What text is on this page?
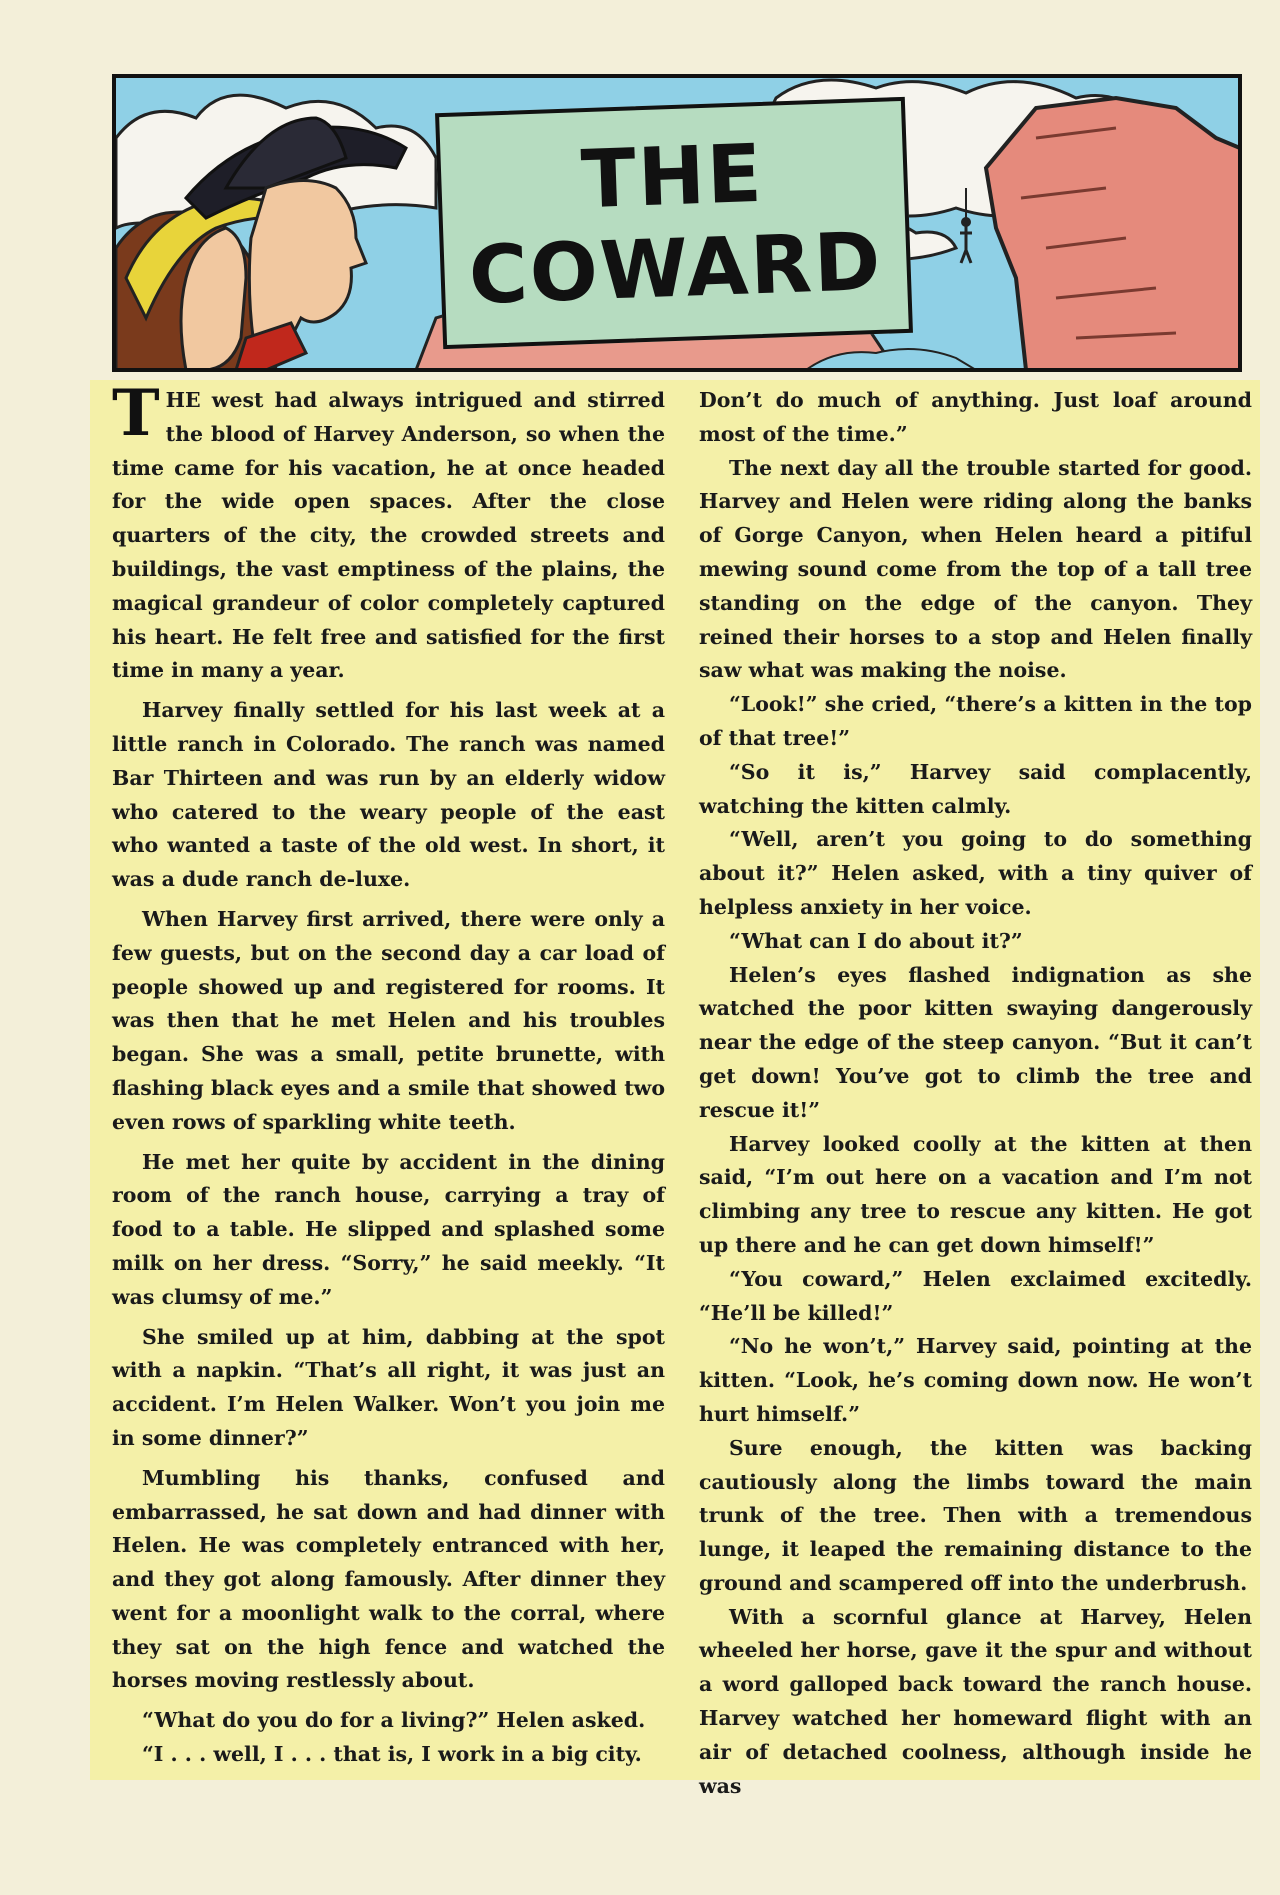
THE
COWARD

THE west had always intrigued and stirred the blood of Harvey Anderson, so when the time came for his vacation, he at once headed for the wide open spaces. After the close quarters of the city, the crowded streets and buildings, the vast emptiness of the plains, the magical grandeur of color completely captured his heart. He felt free and satisfied for the first time in many a year.

Harvey finally settled for his last week at a little ranch in Colorado. The ranch was named Bar Thirteen and was run by an elderly widow who catered to the weary people of the east who wanted a taste of the old west. In short, it was a dude ranch de-luxe.

When Harvey first arrived, there were only a few guests, but on the second day a car load of people showed up and registered for rooms. It was then that he met Helen and his troubles began. She was a small, petite brunette, with flashing black eyes and a smile that showed two even rows of sparkling white teeth.

He met her quite by accident in the dining room of the ranch house, carrying a tray of food to a table. He slipped and splashed some milk on her dress. “Sorry,” he said meekly. “It was clumsy of me.”

She smiled up at him, dabbing at the spot with a napkin. “That’s all right, it was just an accident. I’m Helen Walker. Won’t you join me in some dinner?”

Mumbling his thanks, confused and embarrassed, he sat down and had dinner with Helen. He was completely entranced with her, and they got along famously. After dinner they went for a moonlight walk to the corral, where they sat on the high fence and watched the horses moving restlessly about.

“What do you do for a living?” Helen asked.

“I . . . well, I . . . that is, I work in a big city.

Don’t do much of anything. Just loaf around most of the time.”

The next day all the trouble started for good. Harvey and Helen were riding along the banks of Gorge Canyon, when Helen heard a pitiful mewing sound come from the top of a tall tree standing on the edge of the canyon. They reined their horses to a stop and Helen finally saw what was making the noise.

“Look!” she cried, “there’s a kitten in the top of that tree!”

“So it is,” Harvey said complacently, watching the kitten calmly.

“Well, aren’t you going to do something about it?” Helen asked, with a tiny quiver of helpless anxiety in her voice.

“What can I do about it?”

Helen’s eyes flashed indignation as she watched the poor kitten swaying dangerously near the edge of the steep canyon. “But it can’t get down! You’ve got to climb the tree and rescue it!”

Harvey looked coolly at the kitten at then said, “I’m out here on a vacation and I’m not climbing any tree to rescue any kitten. He got up there and he can get down himself!”

“You coward,” Helen exclaimed excitedly. “He’ll be killed!”

“No he won’t,” Harvey said, pointing at the kitten. “Look, he’s coming down now. He won’t hurt himself.”

Sure enough, the kitten was backing cautiously along the limbs toward the main trunk of the tree. Then with a tremendous lunge, it leaped the remaining distance to the ground and scampered off into the underbrush.

With a scornful glance at Harvey, Helen wheeled her horse, gave it the spur and without a word galloped back toward the ranch house. Harvey watched her homeward flight with an air of detached coolness, although inside he was
